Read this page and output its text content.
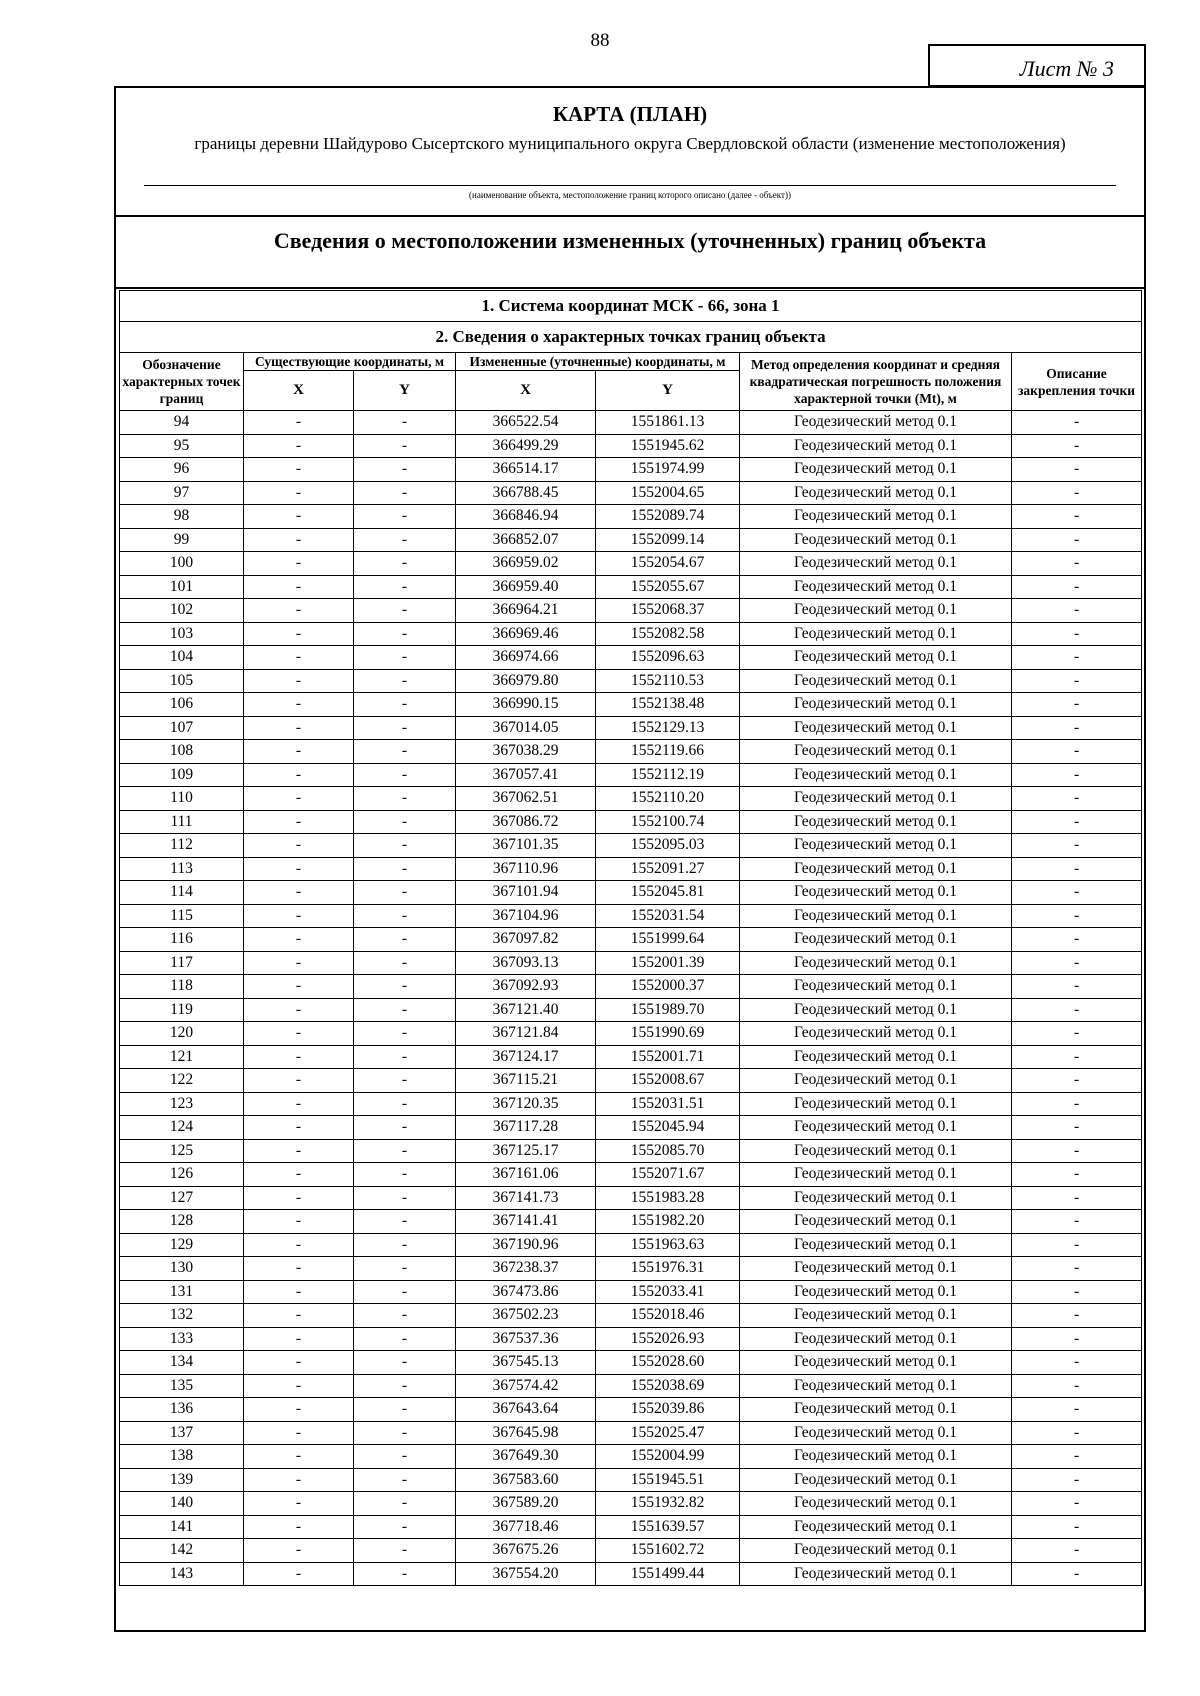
88
Лист № 3
КАРТА (ПЛАН)
границы деревни Шайдурово Сысертского муниципального округа Свердловской области (изменение местоположения)
(наименование объекта, местоположение границ которого описано (далее - объект))
Сведения о местоположении измененных (уточненных) границ объекта
1. Система координат МСК - 66, зона 1						
2. Сведения о характерных точках границ объекта						
Обозначение характерных точек границ	Существующие координаты, м		Измененные (уточненные) координаты, м		Метод определения координат и средняя квадратическая погрешность положения характерной точки (Mt), м	Описание закрепления точки
	X	Y	X	Y		
94	-	-	366522.54	1551861.13	Геодезический метод 0.1	-
95	-	-	366499.29	1551945.62	Геодезический метод 0.1	-
96	-	-	366514.17	1551974.99	Геодезический метод 0.1	-
97	-	-	366788.45	1552004.65	Геодезический метод 0.1	-
98	-	-	366846.94	1552089.74	Геодезический метод 0.1	-
99	-	-	366852.07	1552099.14	Геодезический метод 0.1	-
100	-	-	366959.02	1552054.67	Геодезический метод 0.1	-
101	-	-	366959.40	1552055.67	Геодезический метод 0.1	-
102	-	-	366964.21	1552068.37	Геодезический метод 0.1	-
103	-	-	366969.46	1552082.58	Геодезический метод 0.1	-
104	-	-	366974.66	1552096.63	Геодезический метод 0.1	-
105	-	-	366979.80	1552110.53	Геодезический метод 0.1	-
106	-	-	366990.15	1552138.48	Геодезический метод 0.1	-
107	-	-	367014.05	1552129.13	Геодезический метод 0.1	-
108	-	-	367038.29	1552119.66	Геодезический метод 0.1	-
109	-	-	367057.41	1552112.19	Геодезический метод 0.1	-
110	-	-	367062.51	1552110.20	Геодезический метод 0.1	-
111	-	-	367086.72	1552100.74	Геодезический метод 0.1	-
112	-	-	367101.35	1552095.03	Геодезический метод 0.1	-
113	-	-	367110.96	1552091.27	Геодезический метод 0.1	-
114	-	-	367101.94	1552045.81	Геодезический метод 0.1	-
115	-	-	367104.96	1552031.54	Геодезический метод 0.1	-
116	-	-	367097.82	1551999.64	Геодезический метод 0.1	-
117	-	-	367093.13	1552001.39	Геодезический метод 0.1	-
118	-	-	367092.93	1552000.37	Геодезический метод 0.1	-
119	-	-	367121.40	1551989.70	Геодезический метод 0.1	-
120	-	-	367121.84	1551990.69	Геодезический метод 0.1	-
121	-	-	367124.17	1552001.71	Геодезический метод 0.1	-
122	-	-	367115.21	1552008.67	Геодезический метод 0.1	-
123	-	-	367120.35	1552031.51	Геодезический метод 0.1	-
124	-	-	367117.28	1552045.94	Геодезический метод 0.1	-
125	-	-	367125.17	1552085.70	Геодезический метод 0.1	-
126	-	-	367161.06	1552071.67	Геодезический метод 0.1	-
127	-	-	367141.73	1551983.28	Геодезический метод 0.1	-
128	-	-	367141.41	1551982.20	Геодезический метод 0.1	-
129	-	-	367190.96	1551963.63	Геодезический метод 0.1	-
130	-	-	367238.37	1551976.31	Геодезический метод 0.1	-
131	-	-	367473.86	1552033.41	Геодезический метод 0.1	-
132	-	-	367502.23	1552018.46	Геодезический метод 0.1	-
133	-	-	367537.36	1552026.93	Геодезический метод 0.1	-
134	-	-	367545.13	1552028.60	Геодезический метод 0.1	-
135	-	-	367574.42	1552038.69	Геодезический метод 0.1	-
136	-	-	367643.64	1552039.86	Геодезический метод 0.1	-
137	-	-	367645.98	1552025.47	Геодезический метод 0.1	-
138	-	-	367649.30	1552004.99	Геодезический метод 0.1	-
139	-	-	367583.60	1551945.51	Геодезический метод 0.1	-
140	-	-	367589.20	1551932.82	Геодезический метод 0.1	-
141	-	-	367718.46	1551639.57	Геодезический метод 0.1	-
142	-	-	367675.26	1551602.72	Геодезический метод 0.1	-
143	-	-	367554.20	1551499.44	Геодезический метод 0.1	-
